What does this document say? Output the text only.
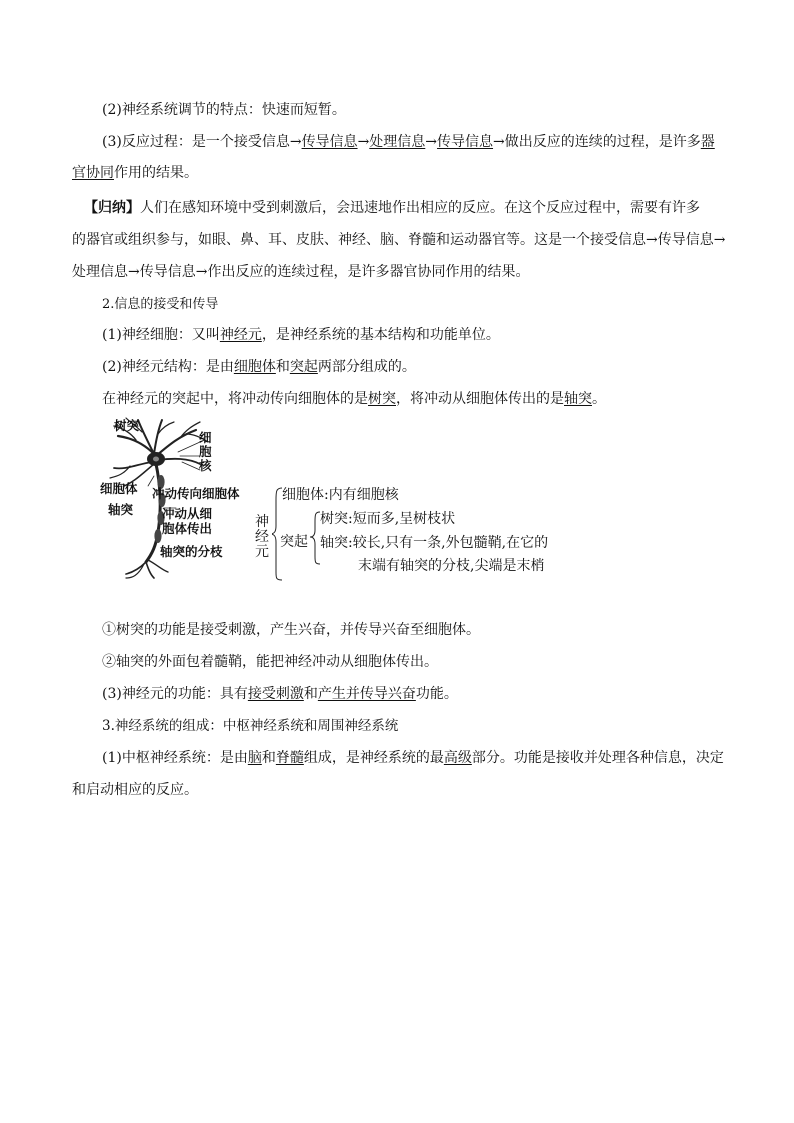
(2)神经系统调节的特点：快速而短暂。
(3)反应过程：是一个接受信息→传导信息→处理信息→传导信息→做出反应的连续的过程，是许多器
官协同作用的结果。
【归纳】人们在感知环境中受到刺激后，会迅速地作出相应的反应。在这个反应过程中，需要有许多
的器官或组织参与，如眼、鼻、耳、皮肤、神经、脑、脊髓和运动器官等。这是一个接受信息→传导信息→
处理信息→传导信息→作出反应的连续过程，是许多器官协同作用的结果。
2.信息的接受和传导
(1)神经细胞：又叫神经元，是神经系统的基本结构和功能单位。
(2)神经元结构：是由细胞体和突起两部分组成的。
在神经元的突起中，将冲动传向细胞体的是树突，将冲动从细胞体传出的是轴突。
树突
细
胞
核
细胞体 冲动传向细胞体
轴突 冲动从细
胞体传出
轴突的分枝
神
经
元
细胞体:内有细胞核
突起
树突:短而多,呈树枝状
轴突:较长,只有一条,外包髓鞘,在它的
末端有轴突的分枝,尖端是末梢
①树突的功能是接受刺激，产生兴奋，并传导兴奋至细胞体。
②轴突的外面包着髓鞘，能把神经冲动从细胞体传出。
(3)神经元的功能：具有接受刺激和产生并传导兴奋功能。
3.神经系统的组成：中枢神经系统和周围神经系统
(1)中枢神经系统：是由脑和脊髓组成，是神经系统的最高级部分。功能是接收并处理各种信息，决定
和启动相应的反应。
